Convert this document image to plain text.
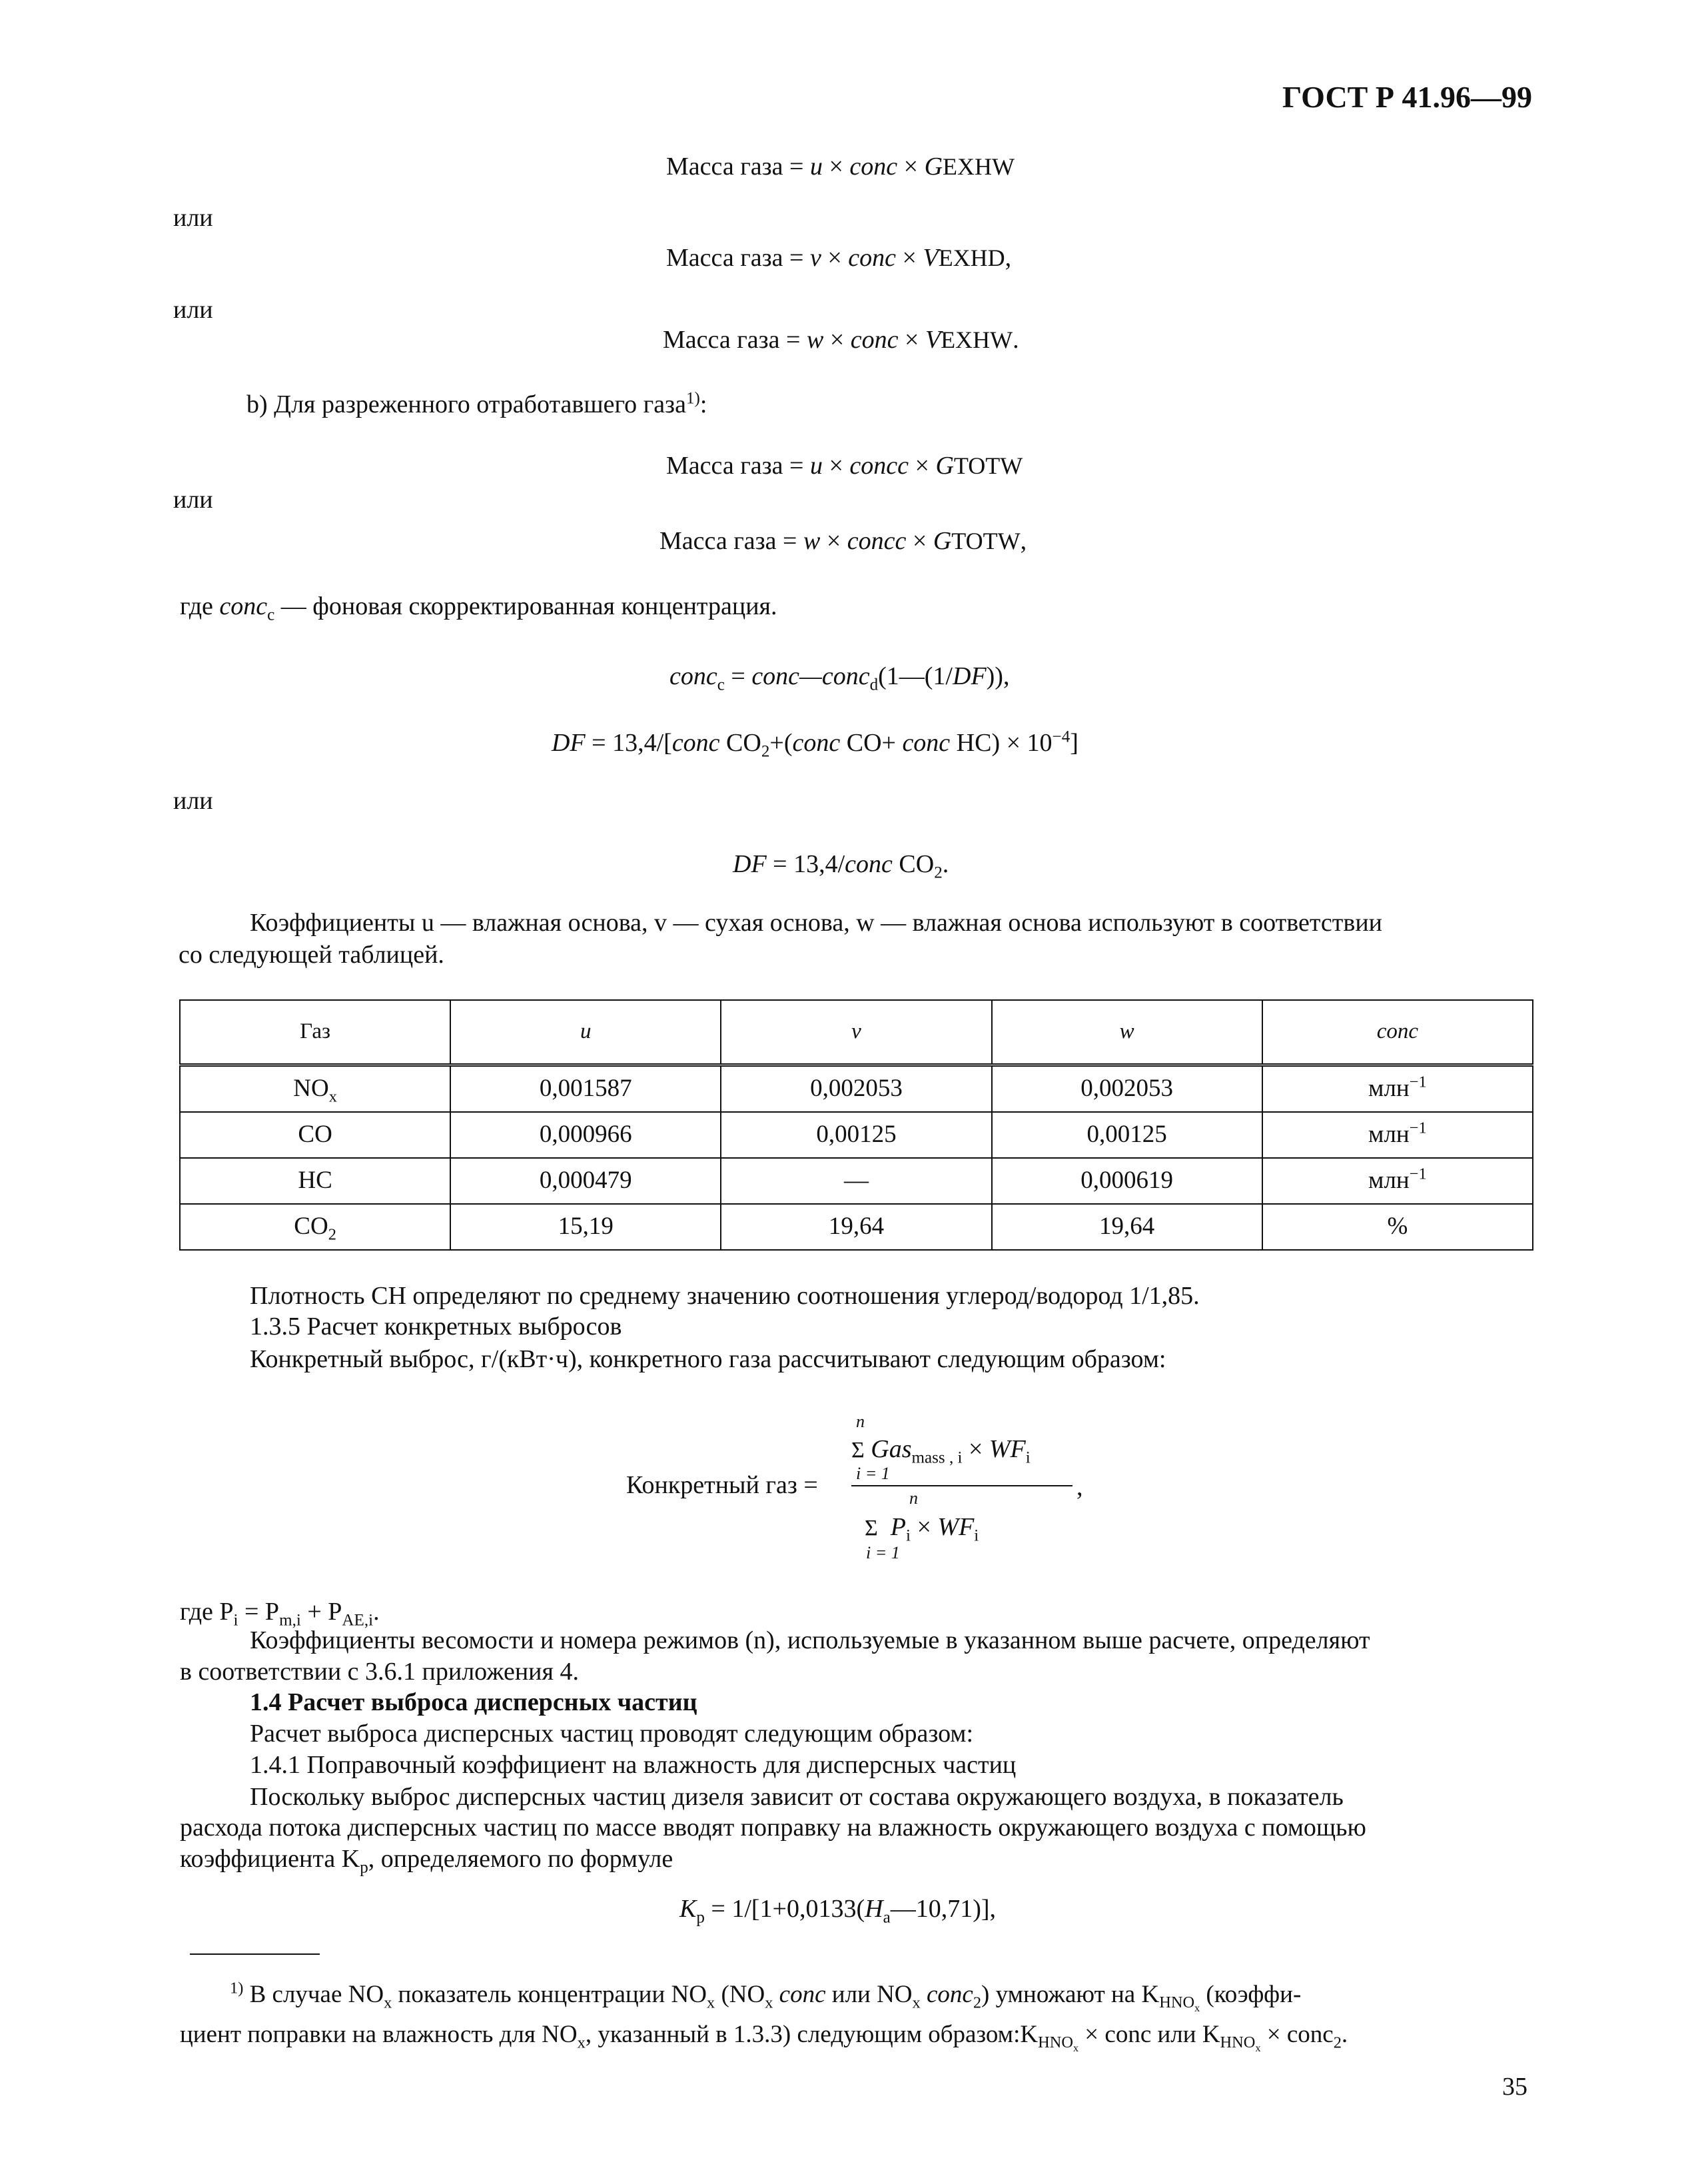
ГОСТ Р 41.96—99
Масса газа = u × conc × GEXHW
или
Масса газа = v × conc × VEXHD,
или
Масса газа = w × conc × VEXHW.
b) Для разреженного отработавшего газа$^{1)}$:
Масса газа = u × concc × GTOTW
или
Масса газа = w × concc × GTOTW,
где conc$_c$ — фоновая скорректированная концентрация.
conc$_c$ = conc—conc$_d$(1—(1/DF)),
DF = 13,4/[conc $CO_2+(conc$ CO+ conc $HC) \times 10^{-4}$]
или
DF = 13,4/conc $CO_2$.
Коэффициенты u — влажная основа, v — сухая основа, w — влажная основа используют в соответствии
со следующей таблицей.
Газ	u	v	w	conc
$NO_x$	0,001587	0,002053	0,002053	млн$^{-1}$
CO	0,000966	0,00125	0,00125	млн$^{-1}$
HC	0,000479	—	0,000619	млн$^{-1}$
$CO_2$	15,19	19,64	19,64	%
Плотность CH определяют по среднему значению соотношения углерод/водород 1/1,85.
1.3.5 Расчет конкретных выбросов
Конкретный выброс, г/(кВт·ч), конкретного газа рассчитывают следующим образом:
Конкретный газ =
n
Σ $Gas_{mass , i} \times WF_i$
i = 1	,
n
Σ $P_i \times WF_i$
i = 1
где $P_i = P_{m,i} + P_{AE,i}$.
Коэффициенты весомости и номера режимов (n), используемые в указанном выше расчете, определяют
в соответствии с 3.6.1 приложения 4.
1.4 Расчет выброса дисперсных частиц
Расчет выброса дисперсных частиц проводят следующим образом:
1.4.1 Поправочный коэффициент на влажность для дисперсных частиц
Поскольку выброс дисперсных частиц дизеля зависит от состава окружающего воздуха, в показатель
расхода потока дисперсных частиц по массе вводят поправку на влажность окружающего воздуха с помощью
коэффициента $K_p$, определяемого по формуле
$K_p$ = $1/[1+0,0133(H_a—10,71)]$,
$^{1)}$ В случае $NO_x$ показатель концентрации $NO_x$ ($NO_x$ conc или $NO_x$ conc$_2$) умножают на $K_{HNO_x}$ (коэффи-
циент поправки на влажность для $NO_x$, указанный в 1.3.3) следующим $образом:K_{HNO_x}$ × conc или $K_{HNO_x}$ × conc$_2$.
35
